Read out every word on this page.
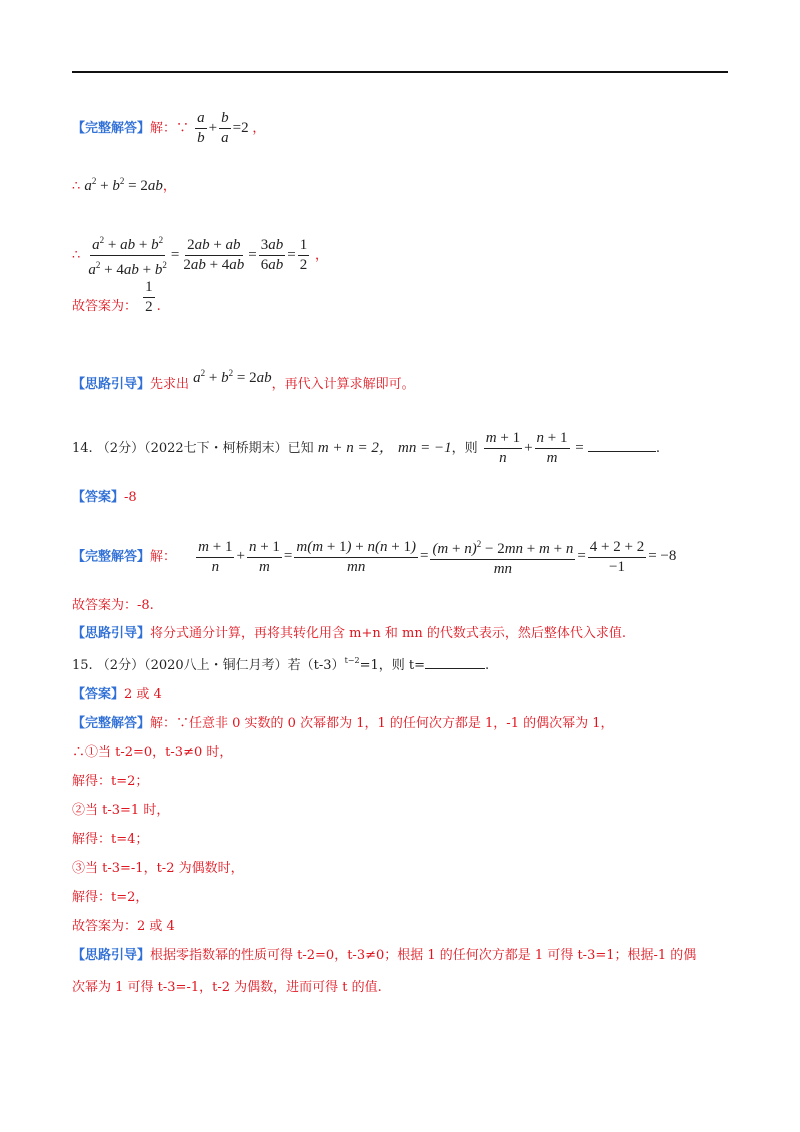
【完整解答】解：∵ $\frac{a}{b} + \frac{b}{a} =2$ ，
∴ $a^2 + b^2 = 2ab$，
∴ $\frac{a^2 + ab + b^2}{a^2 + 4ab + b^2} = \frac{2ab + ab}{2ab + 4ab} = \frac{3ab}{6ab} = \frac{1}{2}$ ，
故答案为： $\frac{1}{2}$ .
【思路引导】先求出 $a^2 + b^2 = 2ab$，再代入计算求解即可。
14. （2分）（2022七下・柯桥期末）已知 m + n = 2， mn = −1，则 $\frac{m + 1}{n} + \frac{n + 1}{m}$ =	.
【答案】-8
【完整解答】解： $\frac{m + 1}{n} + \frac{n + 1}{m} = \frac{m(m + 1) + n(n + 1)}{mn} = \frac{(m + n)^2 - 2mn + m + n}{mn} = \frac{4 + 2 + 2}{-1} = -8$
故答案为：-8.
【思路引导】将分式通分计算，再将其转化用含 m+n 和 mn 的代数式表示，然后整体代入求值.
15. （2分）（2020八上・铜仁月考）若$(t-3)^{t-2}=1$，则 t=	.
【答案】2 或 4
【完整解答】解：∵任意非 0 实数的 0 次幂都为 1，1 的任何次方都是 1，-1 的偶次幂为 1，
∴①当 t-2=0，t-3≠0 时，
解得：t=2；
②当 t-3=1 时，
解得：t=4；
③当 t-3=-1，t-2 为偶数时，
解得：t=2，
故答案为：2 或 4
【思路引导】根据零指数幂的性质可得 t-2=0，t-3≠0；根据 1 的任何次方都是 1 可得 t-3=1；根据-1 的偶
次幂为 1 可得 t-3=-1，t-2 为偶数，进而可得 t 的值.
